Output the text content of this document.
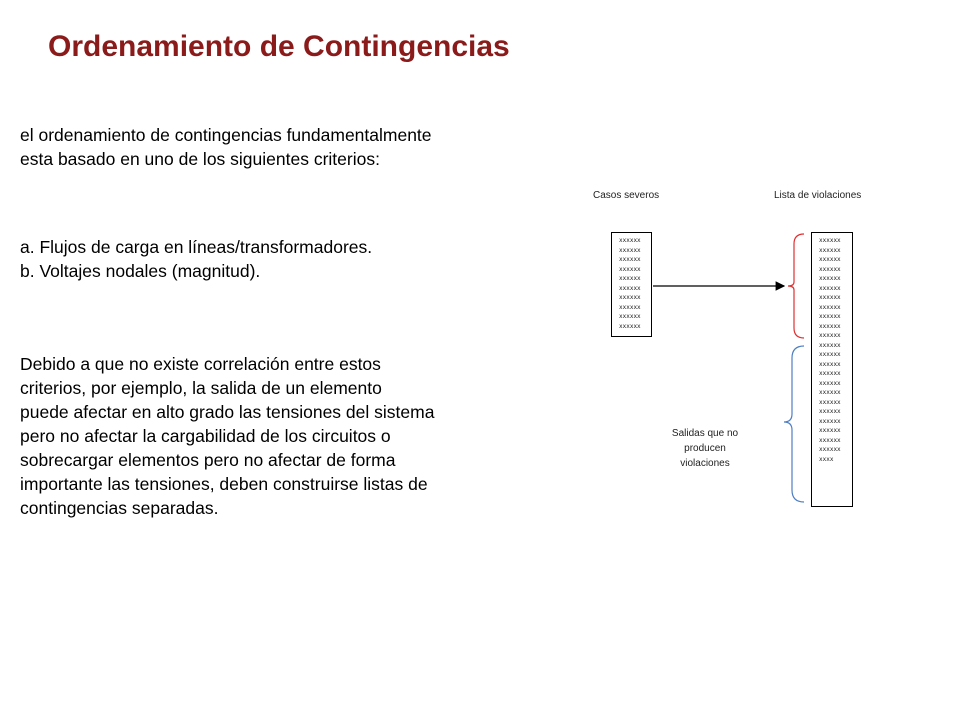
Ordenamiento de Contingencias
el ordenamiento de contingencias fundamentalmente
esta basado en uno de los siguientes criterios:
a. Flujos de carga en líneas/transformadores.
b. Voltajes nodales (magnitud).
Debido a que no existe correlación entre estos
criterios, por ejemplo, la salida de un elemento
puede afectar en alto grado las tensiones del sistema
pero no afectar la cargabilidad de los circuitos o
sobrecargar elementos pero no afectar de forma
importante las tensiones, deben construirse listas de
contingencias separadas.
Casos severos	Lista de violaciones
xxxxxx
xxxxxx
xxxxxx
xxxxxx
xxxxxx
xxxxxx
xxxxxx
xxxxxx
xxxxxx
xxxxxx
xxxxxx
xxxxxx
xxxxxx
xxxxxx
xxxxxx
xxxxxx
xxxxxx
xxxxxx
xxxxxx
xxxxxx
xxxxxx
xxxxxx
xxxxxx
xxxxxx
xxxxxx
xxxxxx
xxxxxx
xxxxxx
xxxxxx
xxxxxx
xxxxxx
xxxxxx
xxxxxx
xxxx
Salidas que no
producen
violaciones
